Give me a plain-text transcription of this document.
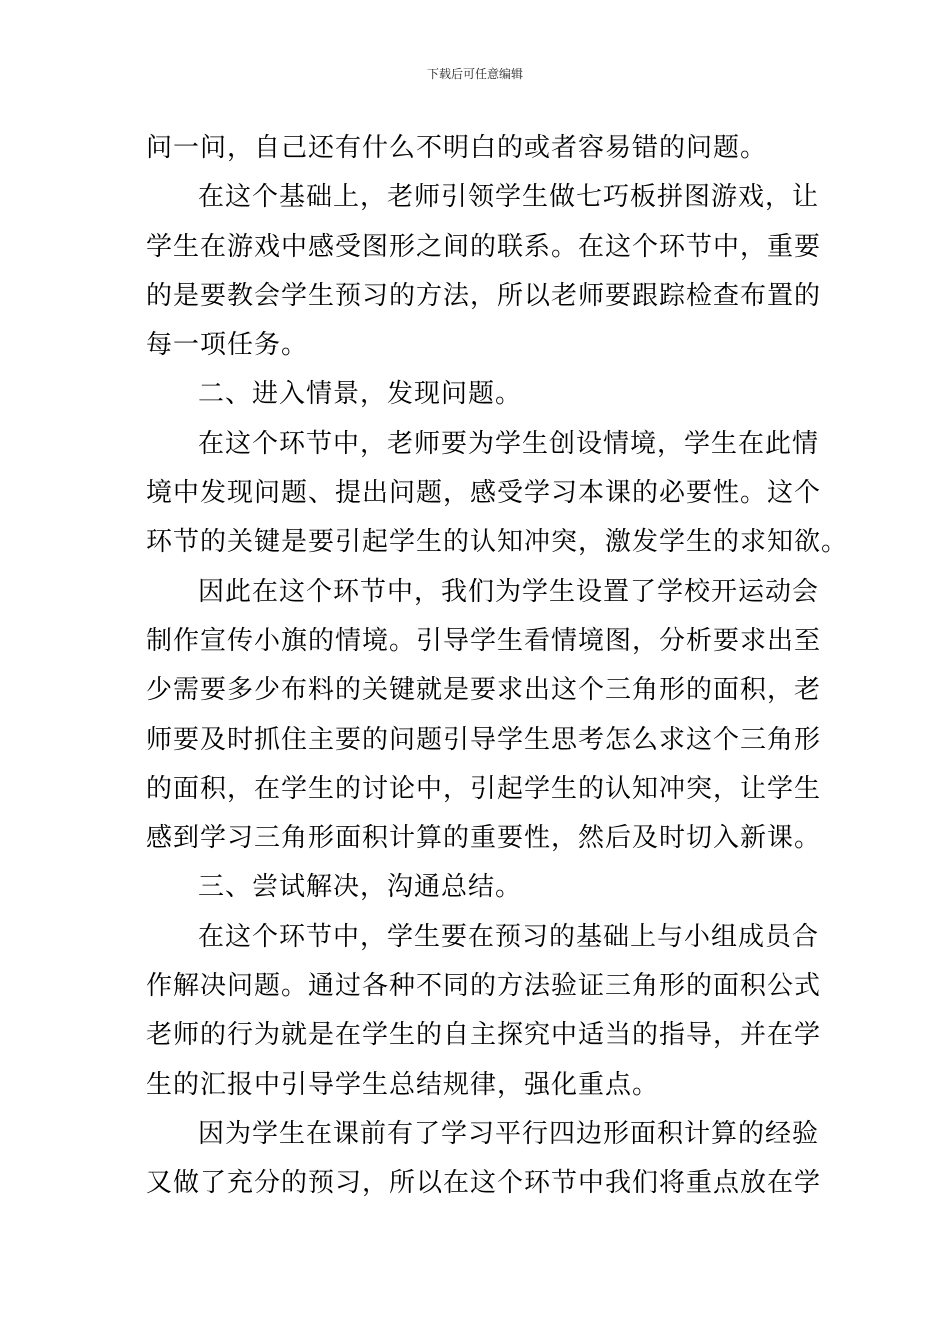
下载后可任意编辑
问一问，自己还有什么不明白的或者容易错的问题。
在这个基础上，老师引领学生做七巧板拼图游戏，让
学生在游戏中感受图形之间的联系。在这个环节中，重要
的是要教会学生预习的方法，所以老师要跟踪检查布置的
每一项任务。
二、进入情景，发现问题。
在这个环节中，老师要为学生创设情境，学生在此情
境中发现问题、提出问题，感受学习本课的必要性。这个
环节的关键是要引起学生的认知冲突，激发学生的求知欲。
因此在这个环节中，我们为学生设置了学校开运动会
制作宣传小旗的情境。引导学生看情境图，分析要求出至
少需要多少布料的关键就是要求出这个三角形的面积，老
师要及时抓住主要的问题引导学生思考怎么求这个三角形
的面积，在学生的讨论中，引起学生的认知冲突，让学生
感到学习三角形面积计算的重要性，然后及时切入新课。
三、尝试解决，沟通总结。
在这个环节中，学生要在预习的基础上与小组成员合
作解决问题。通过各种不同的方法验证三角形的面积公式
老师的行为就是在学生的自主探究中适当的指导，并在学
生的汇报中引导学生总结规律，强化重点。
因为学生在课前有了学习平行四边形面积计算的经验
又做了充分的预习，所以在这个环节中我们将重点放在学
